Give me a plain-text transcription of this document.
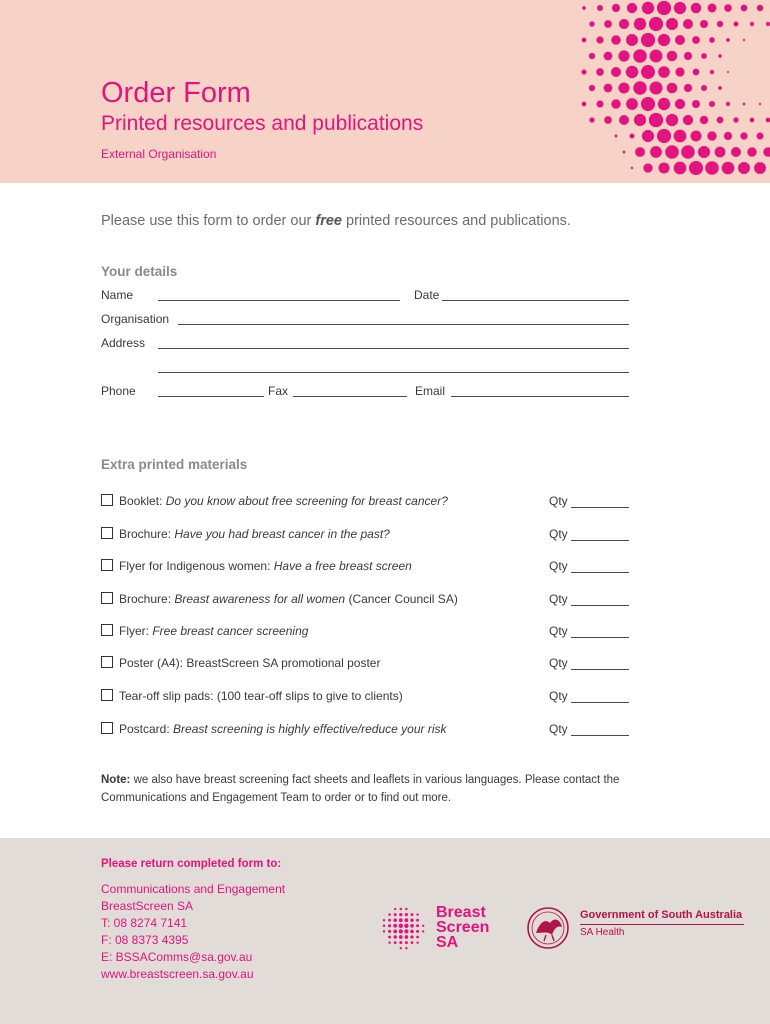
Order Form
Printed resources and publications
External Organisation
Please use this form to order our free printed resources and publications.
Your details
Name	Date
Organisation
Address
Phone	Fax	Email
Extra printed materials
Booklet: Do you know about free screening for breast cancer?	Qty
Brochure: Have you had breast cancer in the past?	Qty
Flyer for Indigenous women: Have a free breast screen	Qty
Brochure: Breast awareness for all women (Cancer Council SA)	Qty
Flyer: Free breast cancer screening	Qty
Poster (A4): BreastScreen SA promotional poster	Qty
Tear-off slip pads: (100 tear-off slips to give to clients)	Qty
Postcard: Breast screening is highly effective/reduce your risk	Qty
Note: we also have breast screening fact sheets and leaflets in various languages. Please contact the Communications and Engagement Team to order or to find out more.
Please return completed form to:
Communications and Engagement
BreastScreen SA
T: 08 8274 7141
F: 08 8373 4395
E: BSSAComms@sa.gov.au
www.breastscreen.sa.gov.au
Breast
Screen
SA
Government of South Australia
SA Health
